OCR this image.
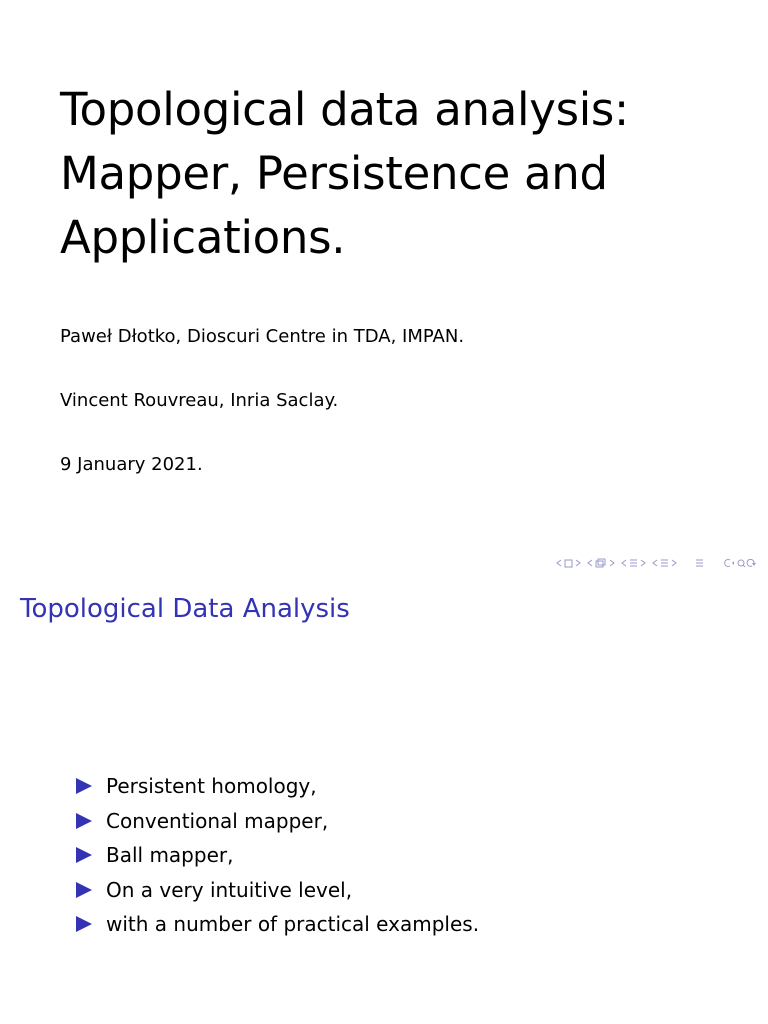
Topological data analysis:
Mapper, Persistence and
Applications.
Paweł Dłotko, Dioscuri Centre in TDA, IMPAN.
Vincent Rouvreau, Inria Saclay.
9 January 2021.
Topological Data Analysis
Persistent homology,
Conventional mapper,
Ball mapper,
On a very intuitive level,
with a number of practical examples.
